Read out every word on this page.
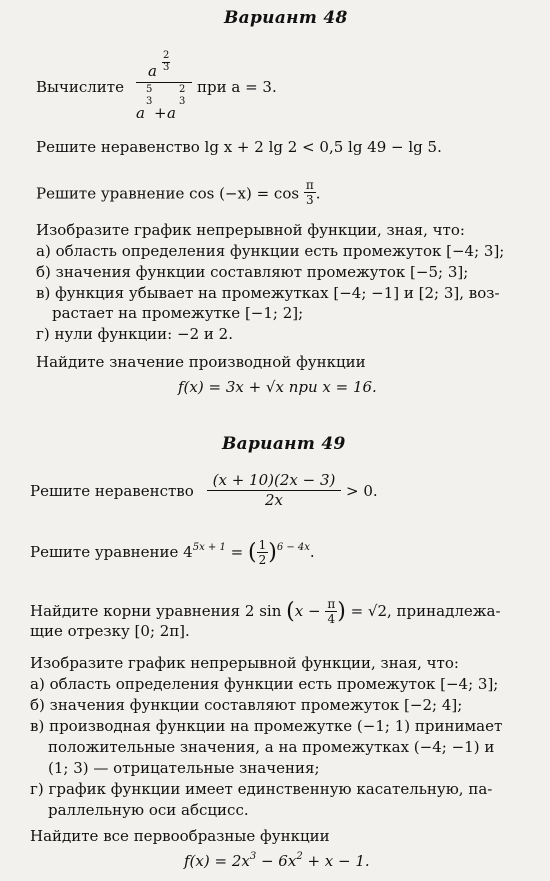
Вариант 48
Вычислите
a
2
3
5
3
a + a
2
3
при a = 3.
Решите неравенство lg x + 2 lg 2 < 0,5 lg 49 − lg 5.
Решите уравнение $\cos (-x) = \cos \frac{\pi}{3}$ .
Изобразите график непрерывной функции, зная, что:
а) область определения функции есть промежуток [−4; 3];
б) значения функции составляют промежуток [−5; 3];
в) функция убывает на промежутках [−4; −1] и [2; 3], воз-
растает на промежутке [−1; 2];
г) нули функции: −2 и 2.
Найдите значение производной функции
f(x) = 3x + √x при x = 16.
Вариант 49
Решите неравенство $\frac{(x + 10)(2x - 3)}{2x} > 0$.
Решите уравнение $4^{5x + 1}$ = ( $\frac{1}{2} )^{6 - 4x}$.
Найдите корни уравнения 2 $\sin (x - \frac{\pi}{4}$ ) = √2, принадлежа-
щие отрезку [0; 2π].
Изобразите график непрерывной функции, зная, что:
а) область определения функции есть промежуток [−4; 3];
б) значения функции составляют промежуток [−2; 4];
в) производная функции на промежутке (−1; 1) принимает
положительные значения, а на промежутках (−4; −1) и
(1; 3) — отрицательные значения;
г) график функции имеет единственную касательную, па-
раллельную оси абсцисс.
Найдите все первообразные функции
$f(x) = 2x^3 - 6x^2 + x - 1$.
